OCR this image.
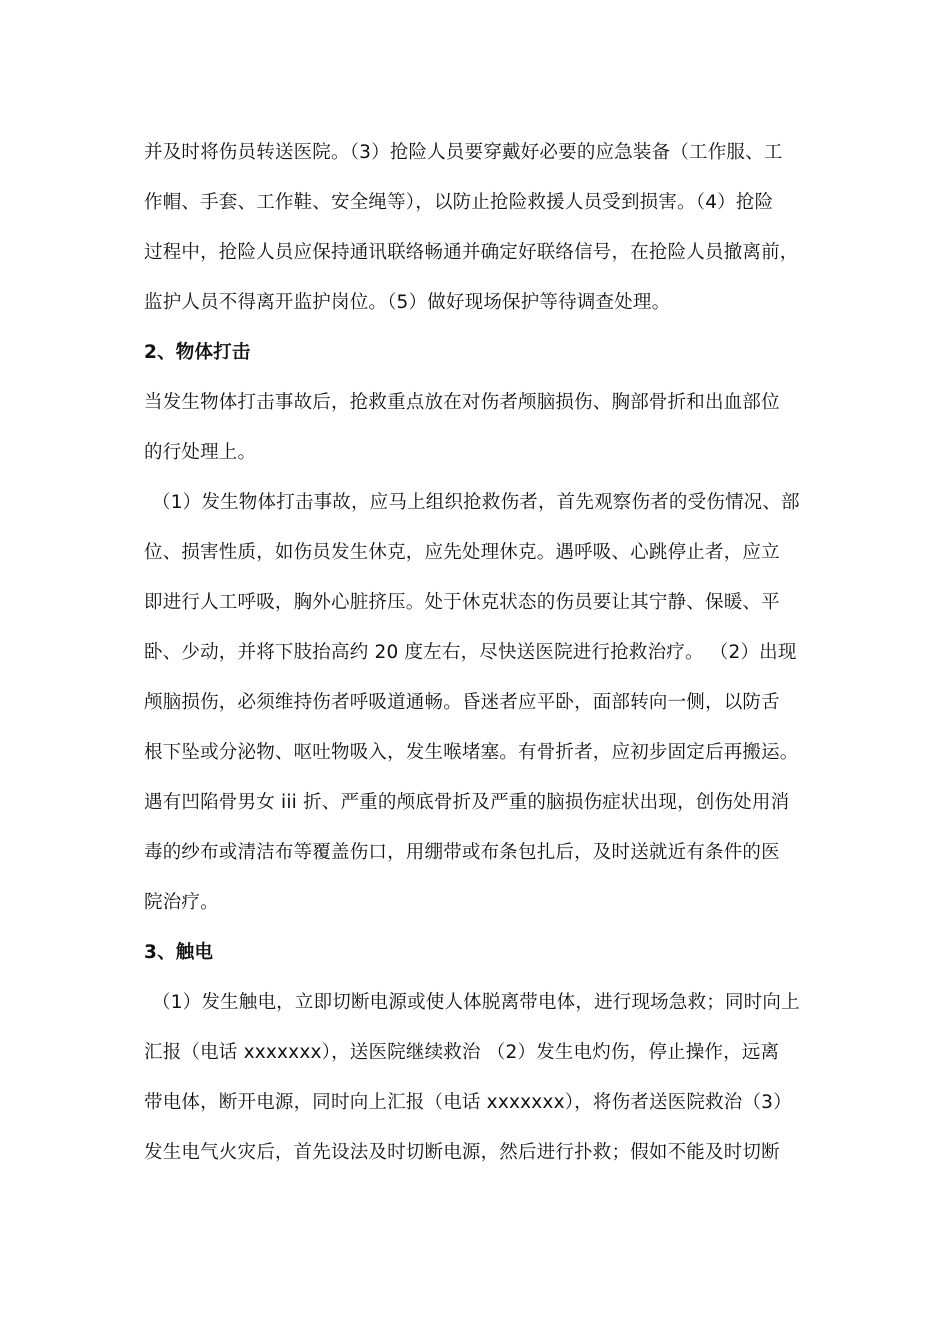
并及时将伤员转送医院。（3）抢险人员要穿戴好必要的应急装备（工作服、工
作帽、手套、工作鞋、安全绳等），以防止抢险救援人员受到损害。（4）抢险
过程中，抢险人员应保持通讯联络畅通并确定好联络信号，在抢险人员撤离前，
监护人员不得离开监护岗位。（5）做好现场保护等待调查处理。
2、物体打击
当发生物体打击事故后，抢救重点放在对伤者颅脑损伤、胸部骨折和出血部位
的行处理上。
（1）发生物体打击事故，应马上组织抢救伤者，首先观察伤者的受伤情况、部
位、损害性质，如伤员发生休克，应先处理休克。遇呼吸、心跳停止者，应立
即进行人工呼吸，胸外心脏挤压。处于休克状态的伤员要让其宁静、保暖、平
卧、少动，并将下肢抬高约 20 度左右，尽快送医院进行抢救治疗。 （2）出现
颅脑损伤，必须维持伤者呼吸道通畅。昏迷者应平卧，面部转向一侧，以防舌
根下坠或分泌物、呕吐物吸入，发生喉堵塞。有骨折者，应初步固定后再搬运。
遇有凹陷骨男女 iii 折、严重的颅底骨折及严重的脑损伤症状出现，创伤处用消
毒的纱布或清洁布等覆盖伤口，用绷带或布条包扎后，及时送就近有条件的医
院治疗。
3、触电
（1）发生触电，立即切断电源或使人体脱离带电体，进行现场急救；同时向上
汇报（电话 xxxxxxx），送医院继续救治 （2）发生电灼伤，停止操作，远离
带电体，断开电源，同时向上汇报（电话 xxxxxxx），将伤者送医院救治（3）
发生电气火灾后，首先设法及时切断电源，然后进行扑救；假如不能及时切断
